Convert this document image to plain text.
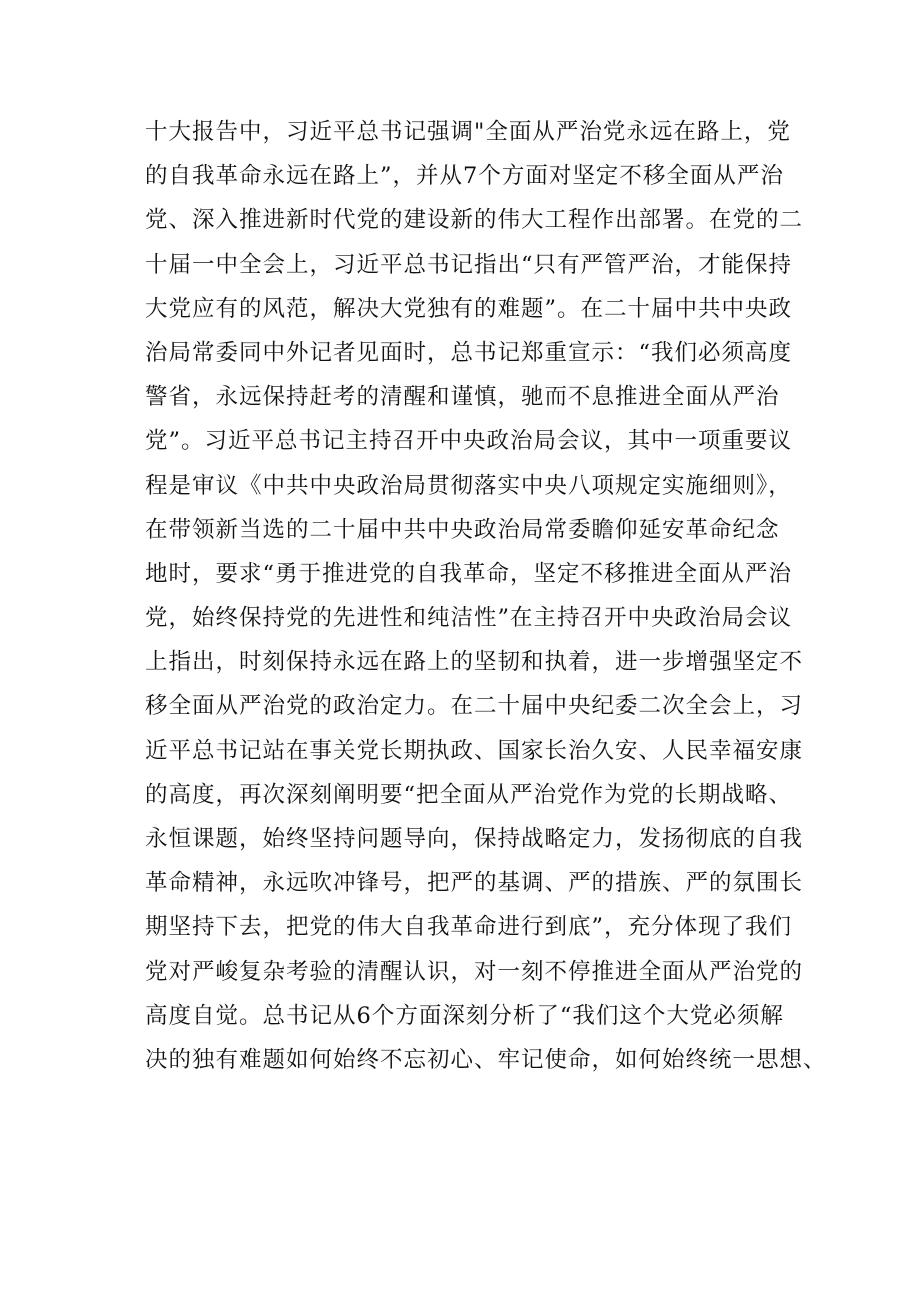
十大报告中，习近平总书记强调"全面从严治党永远在路上，党
的自我革命永远在路上”，并从7个方面对坚定不移全面从严治
党、深入推进新时代党的建设新的伟大工程作出部署。在党的二
十届一中全会上，习近平总书记指出“只有严管严治，才能保持
大党应有的风范，解决大党独有的难题”。在二十届中共中央政
治局常委同中外记者见面时，总书记郑重宣示：“我们必须高度
警省，永远保持赶考的清醒和谨慎，驰而不息推进全面从严治
党”。习近平总书记主持召开中央政治局会议，其中一项重要议
程是审议《中共中央政治局贯彻落实中央八项规定实施细则》，
在带领新当选的二十届中共中央政治局常委瞻仰延安革命纪念
地时，要求“勇于推进党的自我革命，坚定不移推进全面从严治
党，始终保持党的先进性和纯洁性”在主持召开中央政治局会议
上指出，时刻保持永远在路上的坚韧和执着，进一步增强坚定不
移全面从严治党的政治定力。在二十届中央纪委二次全会上，习
近平总书记站在事关党长期执政、国家长治久安、人民幸福安康
的高度，再次深刻阐明要“把全面从严治党作为党的长期战略、
永恒课题，始终坚持问题导向，保持战略定力，发扬彻底的自我
革命精神，永远吹冲锋号，把严的基调、严的措族、严的氛围长
期坚持下去，把党的伟大自我革命进行到底”，充分体现了我们
党对严峻复杂考验的清醒认识，对一刻不停推进全面从严治党的
高度自觉。总书记从6个方面深刻分析了“我们这个大党必须解
决的独有难题如何始终不忘初心、牢记使命，如何始终统一思想、
